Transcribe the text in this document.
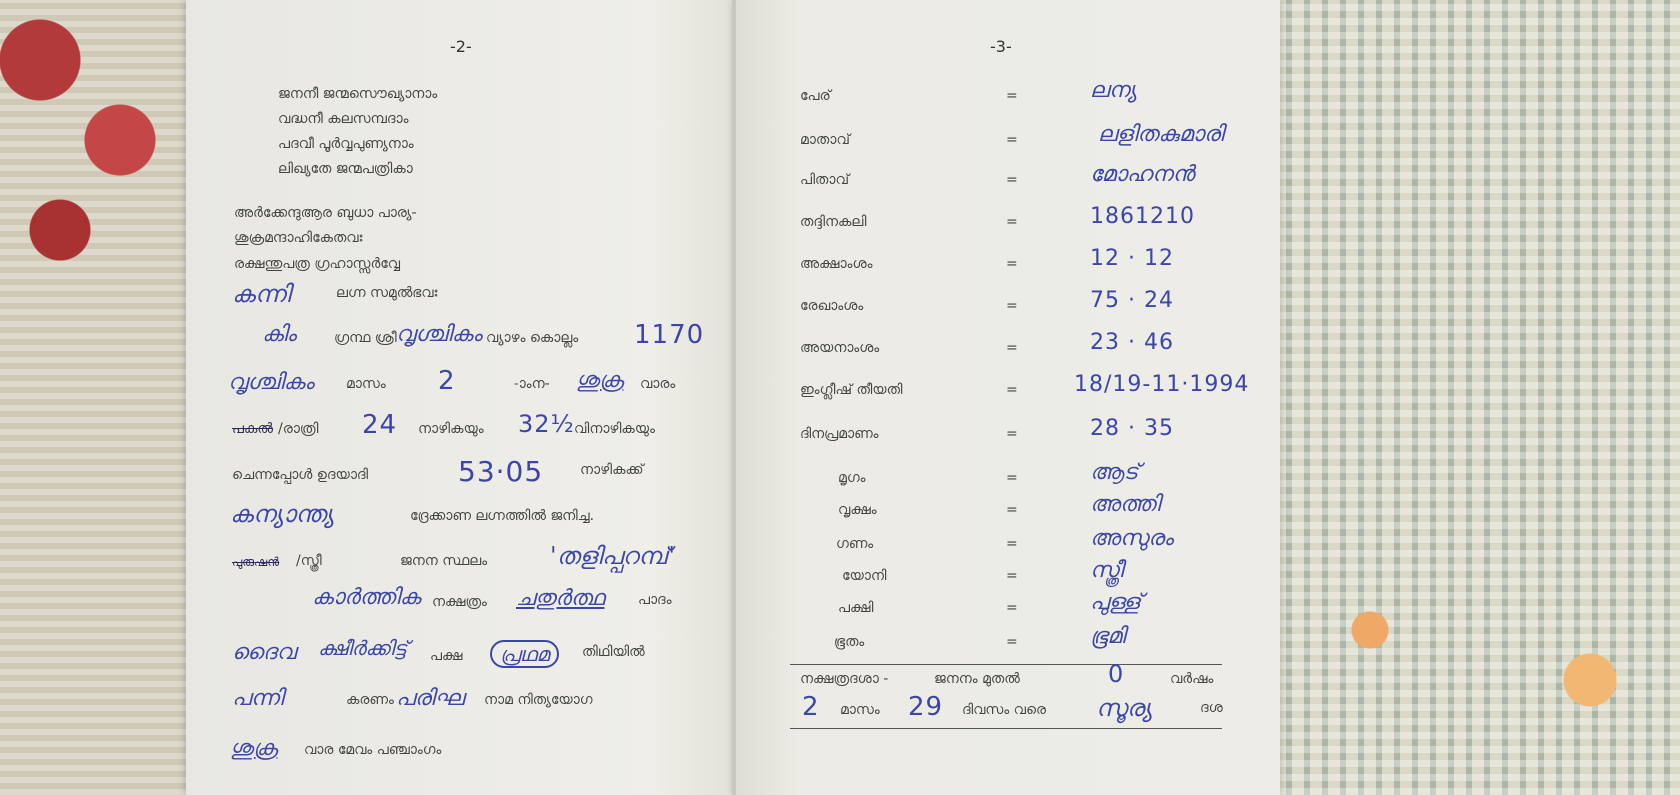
-2-
ജനനീ ജന്മസൌഖ്യാനാം
വദ്ധനീ കലസമ്പദാം
പദവീ പൂർവ്വപുണ്യനാം
ലിഖ്യതേ ജന്മപത്രികാ
അർക്കേന്ദുആര ബുധാ പാര്യ-
ശുക്രമന്ദാഹികേതവഃ
രക്ഷന്തുപത്ര ഗ്രഹാസ്സർവ്വേ
കന്നി	ലഗ്ന സമുൽഭവഃ
കിം	ഗ്രന്ഥ ശ്രീ വൃശ്ചികം വ്യാഴം കൊല്ലം 1170
വൃശ്ചികം മാസം 2	-ാംന- ശുക്ര വാരം
പകൽ /രാത്രി 24 നാഴികയും 32½ വിനാഴികയും
ചെന്നപ്പോൾ ഉദയാദി	53·05	നാഴികക്ക്
കന്യാന്ത്യ	ദ്രേക്കാണ ലഗ്നത്തിൽ ജനിച്ച.
പുരുഷൻ /സ്ത്രീ	ജനന സ്ഥലം	'തളിപ്പറമ്പ്'
കാർത്തിക നക്ഷത്രം ചതുർത്ഥ പാദം
ദൈവ ക്ഷീർക്കിട്ട് പക്ഷ	പ്രഥമ	തിഥിയിൽ
പന്നി	കരണം പരിഘ നാമ നിത്യയോഗ
ശുക്ര വാര മേവം പഞ്ചാംഗം
-3-
പേര്	=	ലന്യ
മാതാവ്	=	ലളിതകുമാരി
പിതാവ്	=	മോഹനൻ
തദ്ദിനകലി	=	1861210
അക്ഷാംശം	=	12 · 12
രേഖാംശം	=	75 · 24
അയനാംശം	=	23 · 46
ഇംഗ്ലീഷ് തീയതി	=	18/19-11·1994
ദിനപ്രമാണം	=	28 · 35
മൃഗം	=	ആട്
വൃക്ഷം	=	അത്തി
ഗണം	=	അസുരം
യോനി	=	സ്ത്രീ
പക്ഷി	=	പുള്ള്
ഭൂതം	=	ഭൂമി
നക്ഷത്രദശാ -	ജനനം മുതൽ	0	വർഷം
2 മാസം 29 ദിവസം വരെ സൂര്യ	ദശ
